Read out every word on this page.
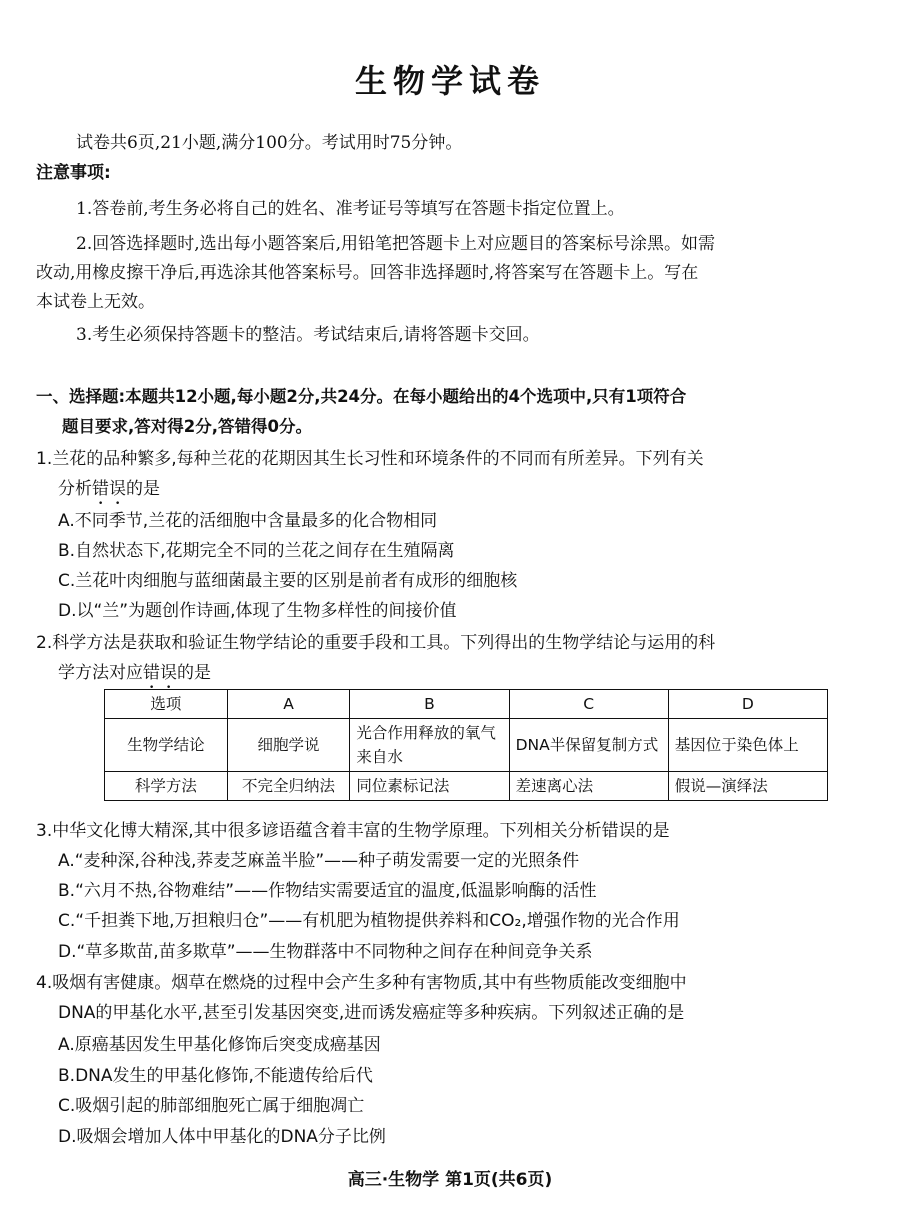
生物学试卷
试卷共6页,21小题,满分100分。考试用时75分钟。
注意事项:
1.答卷前,考生务必将自己的姓名、准考证号等填写在答题卡指定位置上。
2.回答选择题时,选出每小题答案后,用铅笔把答题卡上对应题目的答案标号涂黑。如需
改动,用橡皮擦干净后,再选涂其他答案标号。回答非选择题时,将答案写在答题卡上。写在
本试卷上无效。
3.考生必须保持答题卡的整洁。考试结束后,请将答题卡交回。
一、选择题:本题共12小题,每小题2分,共24分。在每小题给出的4个选项中,只有1项符合
题目要求,答对得2分,答错得0分。
1.兰花的品种繁多,每种兰花的花期因其生长习性和环境条件的不同而有所差异。下列有关
分析错误的是
A.不同季节,兰花的活细胞中含量最多的化合物相同
B.自然状态下,花期完全不同的兰花之间存在生殖隔离
C.兰花叶肉细胞与蓝细菌最主要的区别是前者有成形的细胞核
D.以“兰”为题创作诗画,体现了生物多样性的间接价值
2.科学方法是获取和验证生物学结论的重要手段和工具。下列得出的生物学结论与运用的科
学方法对应错误的是
选项	A	B	C	D
生物学结论	细胞学说	光合作用释放的氧气来自水	DNA半保留复制方式	基因位于染色体上
科学方法	不完全归纳法	同位素标记法	差速离心法	假说—演绎法
3.中华文化博大精深,其中很多谚语蕴含着丰富的生物学原理。下列相关分析错误的是
A.“麦种深,谷种浅,荞麦芝麻盖半脸”——种子萌发需要一定的光照条件
B.“六月不热,谷物难结”——作物结实需要适宜的温度,低温影响酶的活性
C.“千担粪下地,万担粮归仓”——有机肥为植物提供养料和CO₂,增强作物的光合作用
D.“草多欺苗,苗多欺草”——生物群落中不同物种之间存在种间竞争关系
4.吸烟有害健康。烟草在燃烧的过程中会产生多种有害物质,其中有些物质能改变细胞中
DNA的甲基化水平,甚至引发基因突变,进而诱发癌症等多种疾病。下列叙述正确的是
A.原癌基因发生甲基化修饰后突变成癌基因
B.DNA发生的甲基化修饰,不能遗传给后代
C.吸烟引起的肺部细胞死亡属于细胞凋亡
D.吸烟会增加人体中甲基化的DNA分子比例
高三·生物学 第1页(共6页)
